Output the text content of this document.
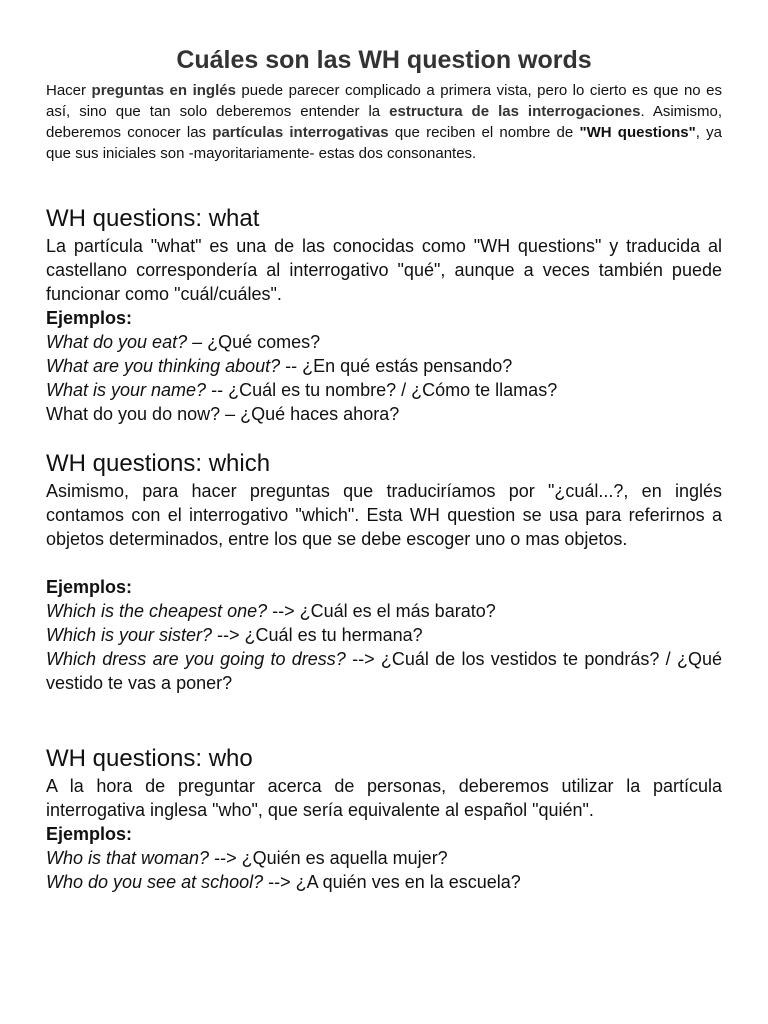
Cuáles son las WH question words
Hacer preguntas en inglés puede parecer complicado a primera vista, pero lo cierto es que no es así, sino que tan solo deberemos entender la estructura de las interrogaciones. Asimismo, deberemos conocer las partículas interrogativas que reciben el nombre de "WH questions", ya que sus iniciales son -mayoritariamente- estas dos consonantes.
WH questions: what

La partícula "what" es una de las conocidas como "WH questions" y traducida al castellano correspondería al interrogativo "qué", aunque a veces también puede funcionar como "cuál/cuáles".

Ejemplos:
What do you eat? – ¿Qué comes?
What are you thinking about? -- ¿En qué estás pensando?
What is your name? -- ¿Cuál es tu nombre? / ¿Cómo te llamas?
What do you do now? – ¿Qué haces ahora?
WH questions: which

Asimismo, para hacer preguntas que traduciríamos por "¿cuál...?, en inglés contamos con el interrogativo "which". Esta WH question se usa para referirnos a objetos determinados, entre los que se debe escoger uno o mas objetos.

Ejemplos:
Which is the cheapest one? --> ¿Cuál es el más barato?
Which is your sister? --> ¿Cuál es tu hermana?
Which dress are you going to dress? --> ¿Cuál de los vestidos te pondrás? / ¿Qué vestido te vas a poner?
WH questions: who

A la hora de preguntar acerca de personas, deberemos utilizar la partícula interrogativa inglesa "who", que sería equivalente al español "quién".

Ejemplos:
Who is that woman? --> ¿Quién es aquella mujer?
Who do you see at school? --> ¿A quién ves en la escuela?
